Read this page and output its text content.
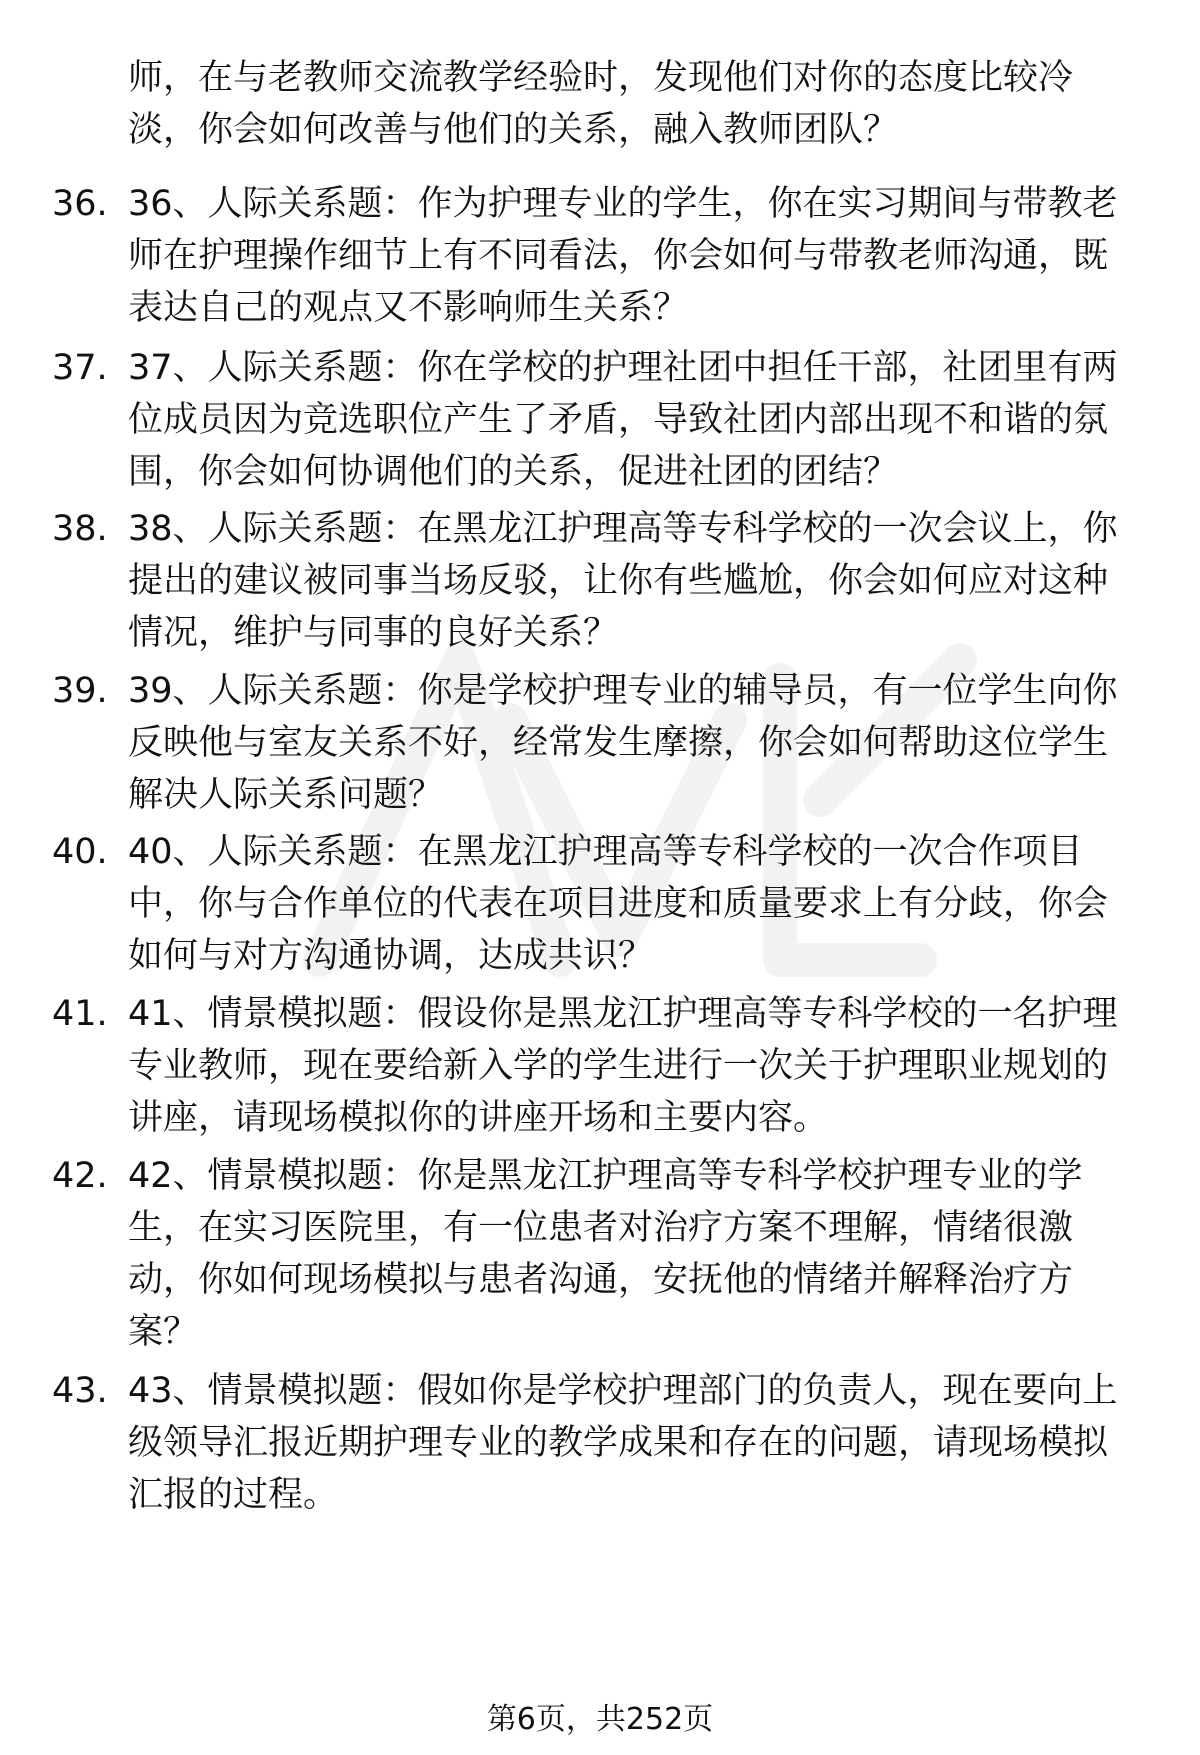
师，在与老教师交流教学经验时，发现他们对你的态度比较冷
淡，你会如何改善与他们的关系，融入教师团队？
36. 36、人际关系题：作为护理专业的学生，你在实习期间与带教老
师在护理操作细节上有不同看法，你会如何与带教老师沟通，既
表达自己的观点又不影响师生关系？
37. 37、人际关系题：你在学校的护理社团中担任干部，社团里有两
位成员因为竞选职位产生了矛盾，导致社团内部出现不和谐的氛
围，你会如何协调他们的关系，促进社团的团结？
38. 38、人际关系题：在黑龙江护理高等专科学校的一次会议上，你
提出的建议被同事当场反驳，让你有些尴尬，你会如何应对这种
情况，维护与同事的良好关系？
39. 39、人际关系题：你是学校护理专业的辅导员，有一位学生向你
反映他与室友关系不好，经常发生摩擦，你会如何帮助这位学生
解决人际关系问题？
40. 40、人际关系题：在黑龙江护理高等专科学校的一次合作项目
中，你与合作单位的代表在项目进度和质量要求上有分歧，你会
如何与对方沟通协调，达成共识？
41. 41、情景模拟题：假设你是黑龙江护理高等专科学校的一名护理
专业教师，现在要给新入学的学生进行一次关于护理职业规划的
讲座，请现场模拟你的讲座开场和主要内容。
42. 42、情景模拟题：你是黑龙江护理高等专科学校护理专业的学
生，在实习医院里，有一位患者对治疗方案不理解，情绪很激
动，你如何现场模拟与患者沟通，安抚他的情绪并解释治疗方
案？
43. 43、情景模拟题：假如你是学校护理部门的负责人，现在要向上
级领导汇报近期护理专业的教学成果和存在的问题，请现场模拟
汇报的过程。
第6页，共252页
